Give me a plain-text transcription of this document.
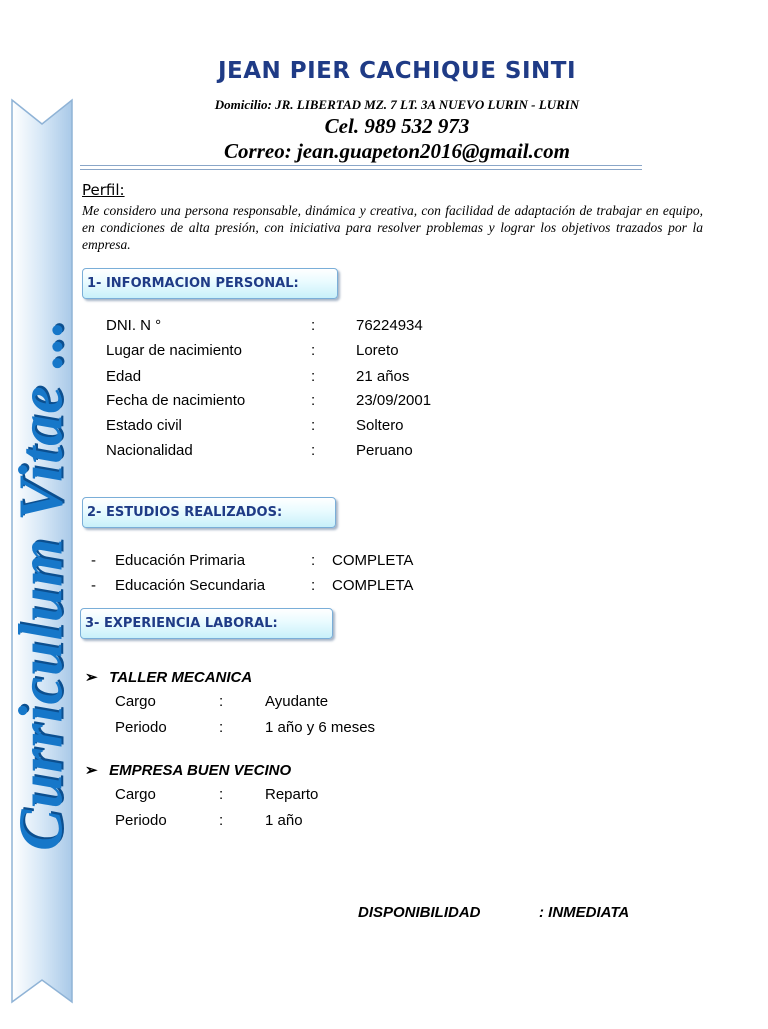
Curriculum Vitae ...
JEAN PIER CACHIQUE SINTI
Domicilio: JR. LIBERTAD MZ. 7 LT. 3A NUEVO LURIN - LURIN
Cel. 989 532 973
Correo: jean.guapeton2016@gmail.com
Perfil:
Me considero una persona responsable, dinámica y creativa, con facilidad de adaptación de trabajar en equipo, en condiciones de alta presión, con iniciativa para resolver problemas y lograr los objetivos trazados por la empresa.
1- INFORMACION PERSONAL:
DNI. N °	:	76224934
Lugar de nacimiento	:	Loreto
Edad	:	21 años
Fecha de nacimiento	:	23/09/2001
Estado civil	:	Soltero
Nacionalidad	:	Peruano
2- ESTUDIOS REALIZADOS:
- Educación Primaria	: COMPLETA
- Educación Secundaria	: COMPLETA
3- EXPERIENCIA LABORAL:
➢ TALLER MECANICA
Cargo	:	Ayudante
Periodo	:	1 año y 6 meses
➢ EMPRESA BUEN VECINO
Cargo	:	Reparto
Periodo	:	1 año
DISPONIBILIDAD	: INMEDIATA
